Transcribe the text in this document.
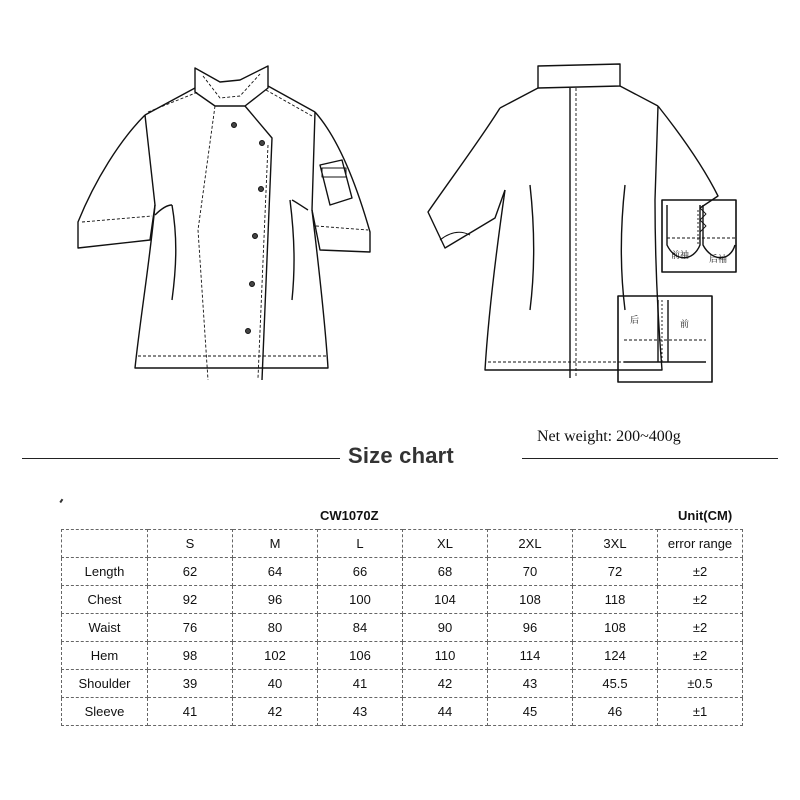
前袖 后袖
后	前
Net weight: 200~400g
Size chart
CW1070Z	Unit(CM)
	S	M	L	XL	2XL	3XL	error range
Length	62	64	66	68	70	72	±2
Chest	92	96	100	104	108	118	±2
Waist	76	80	84	90	96	108	±2
Hem	98	102	106	110	114	124	±2
Shoulder	39	40	41	42	43	45.5	±0.5
Sleeve	41	42	43	44	45	46	±1
